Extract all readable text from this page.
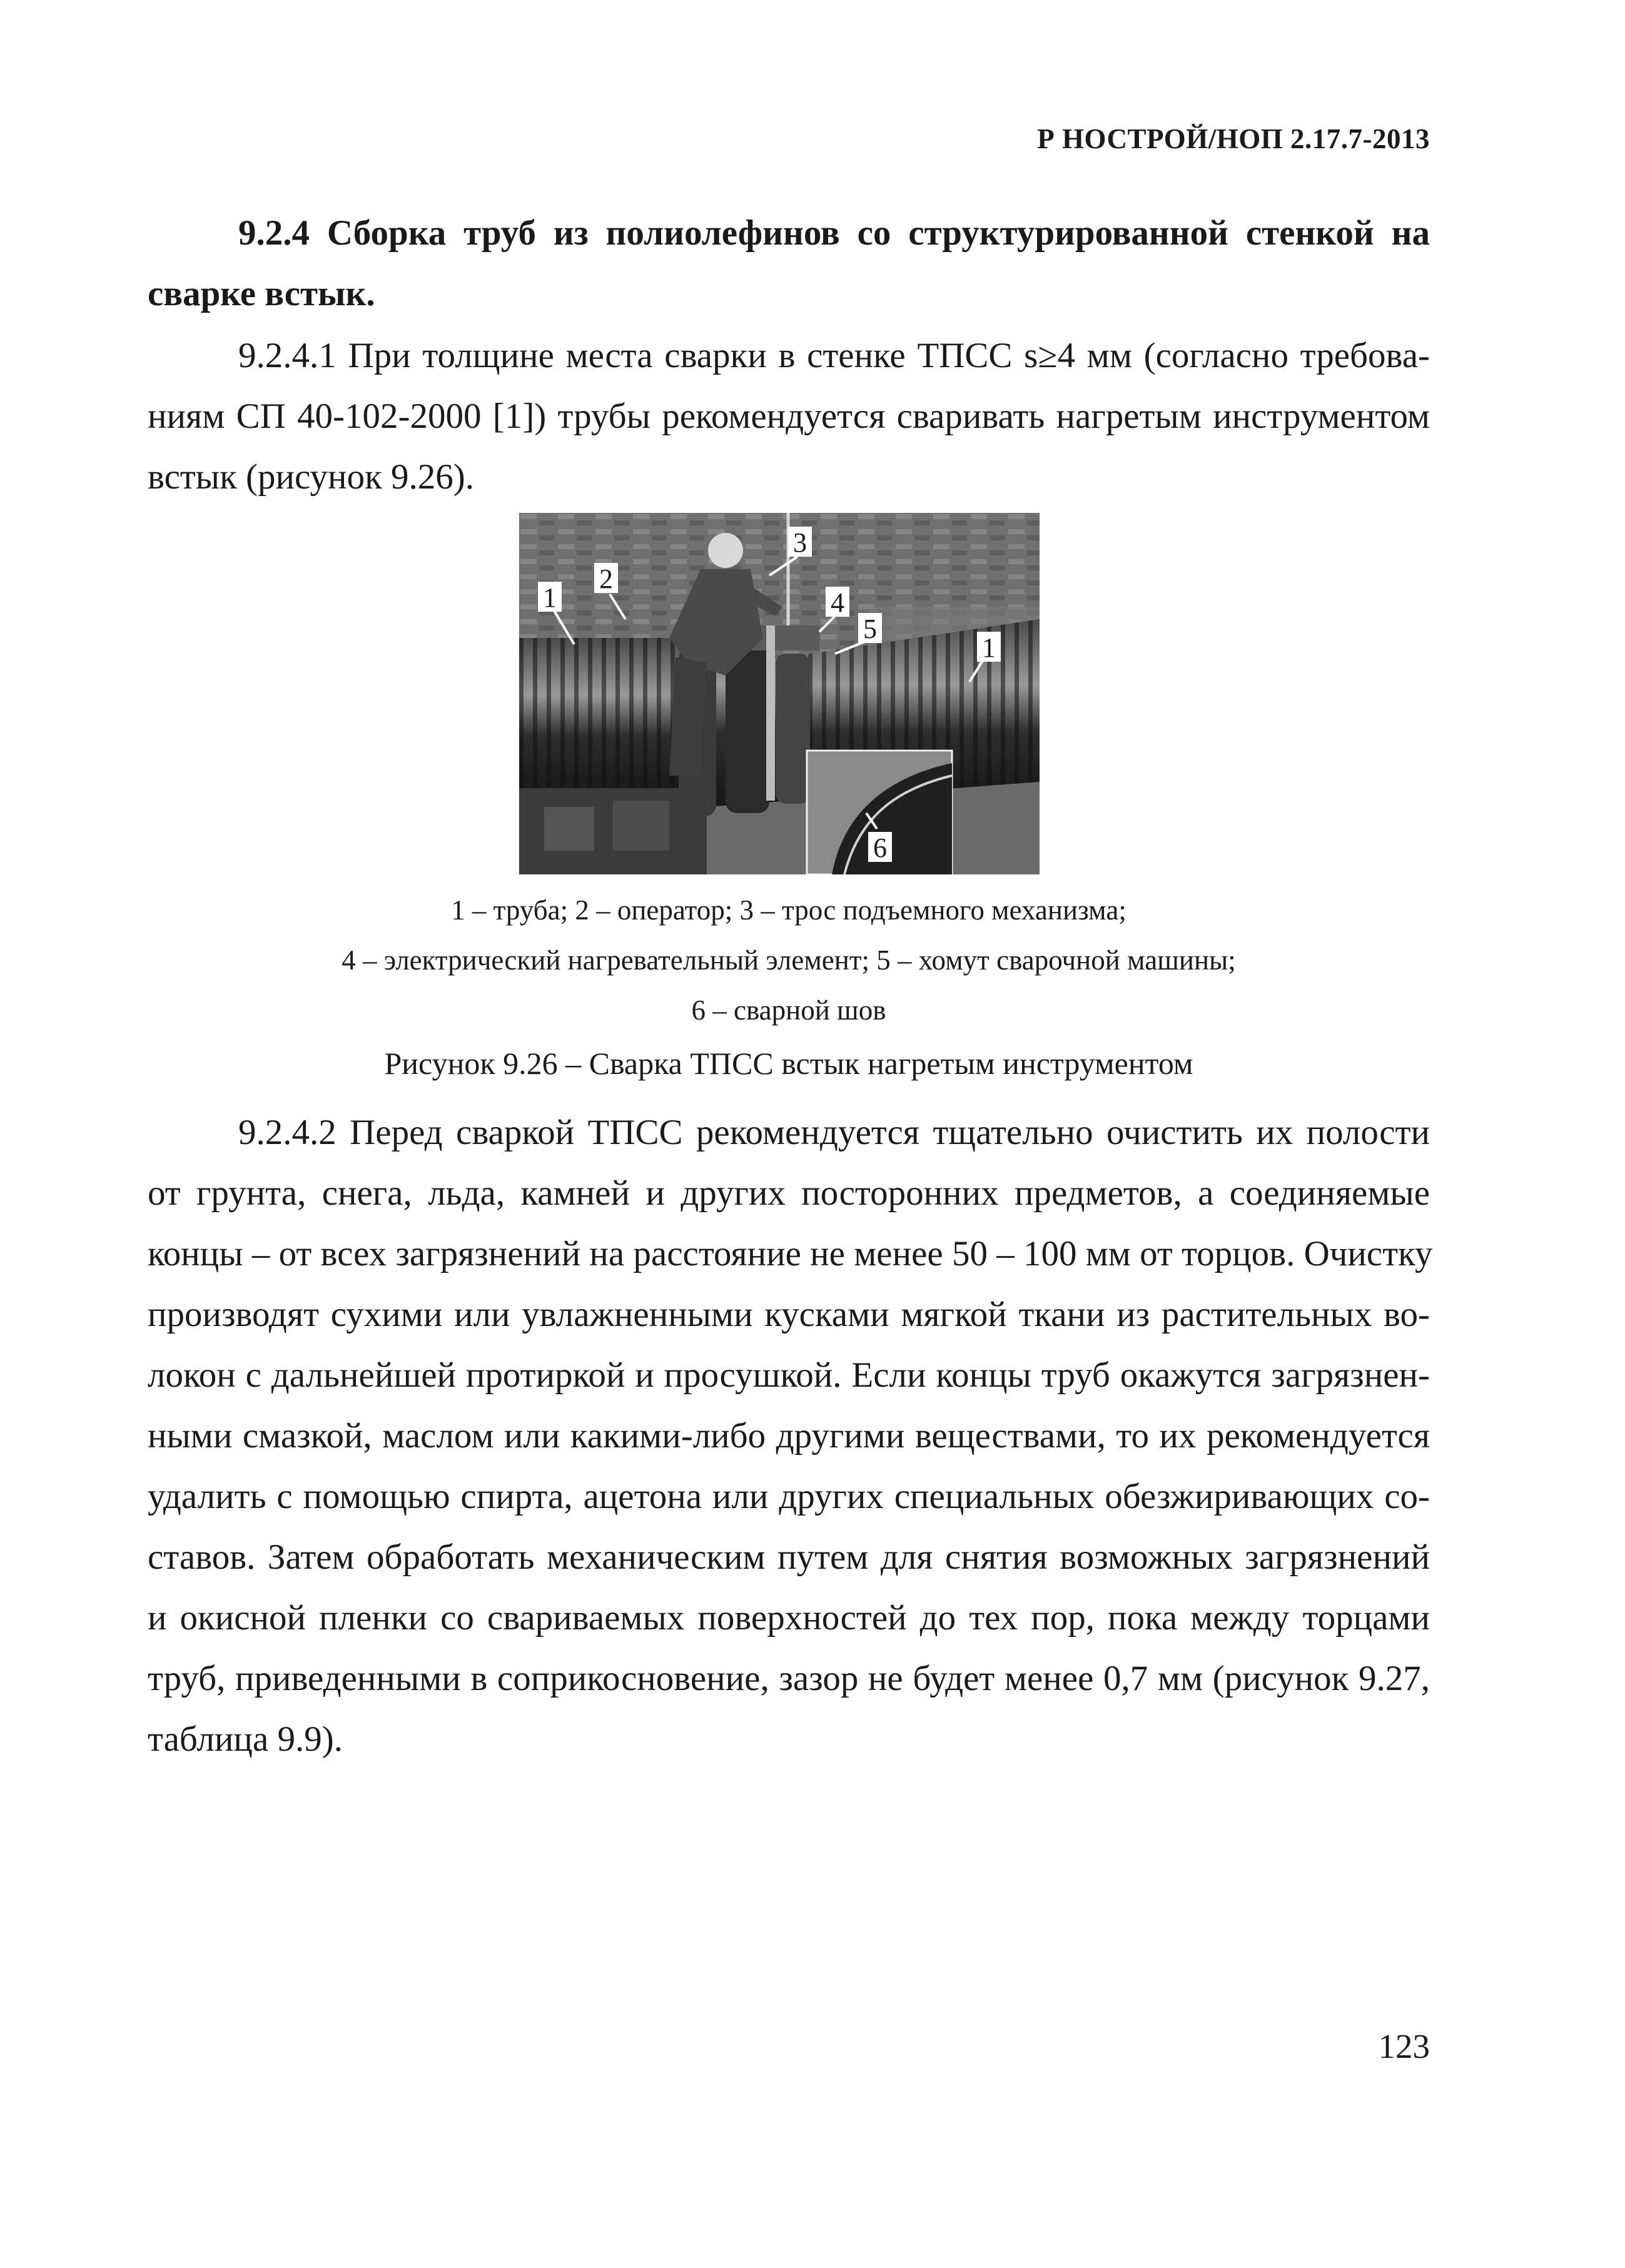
Р НОСТРОЙ/НОП 2.17.7-2013
9.2.4 Сборка труб из полиолефинов со структурированной стенкой на
сварке встык.
9.2.4.1 При толщине места сварки в стенке ТПСС s≥4 мм (согласно требова-
ниям СП 40-102-2000 [1]) трубы рекомендуется сваривать нагретым инструментом
встык (рисунок 9.26).
1
2
3
4
5
1
6
1 – труба; 2 – оператор; 3 – трос подъемного механизма;
4 – электрический нагревательный элемент; 5 – хомут сварочной машины;
6 – сварной шов
Рисунок 9.26 – Сварка ТПСС встык нагретым инструментом
9.2.4.2 Перед сваркой ТПСС рекомендуется тщательно очистить их полости
от грунта, снега, льда, камней и других посторонних предметов, а соединяемые
концы – от всех загрязнений на расстояние не менее 50 – 100 мм от торцов. Очистку
производят сухими или увлажненными кусками мягкой ткани из растительных во-
локон с дальнейшей протиркой и просушкой. Если концы труб окажутся загрязнен-
ными смазкой, маслом или какими-либо другими веществами, то их рекомендуется
удалить с помощью спирта, ацетона или других специальных обезжиривающих со-
ставов. Затем обработать механическим путем для снятия возможных загрязнений
и окисной пленки со свариваемых поверхностей до тех пор, пока между торцами
труб, приведенными в соприкосновение, зазор не будет менее 0,7 мм (рисунок 9.27,
таблица 9.9).
123
